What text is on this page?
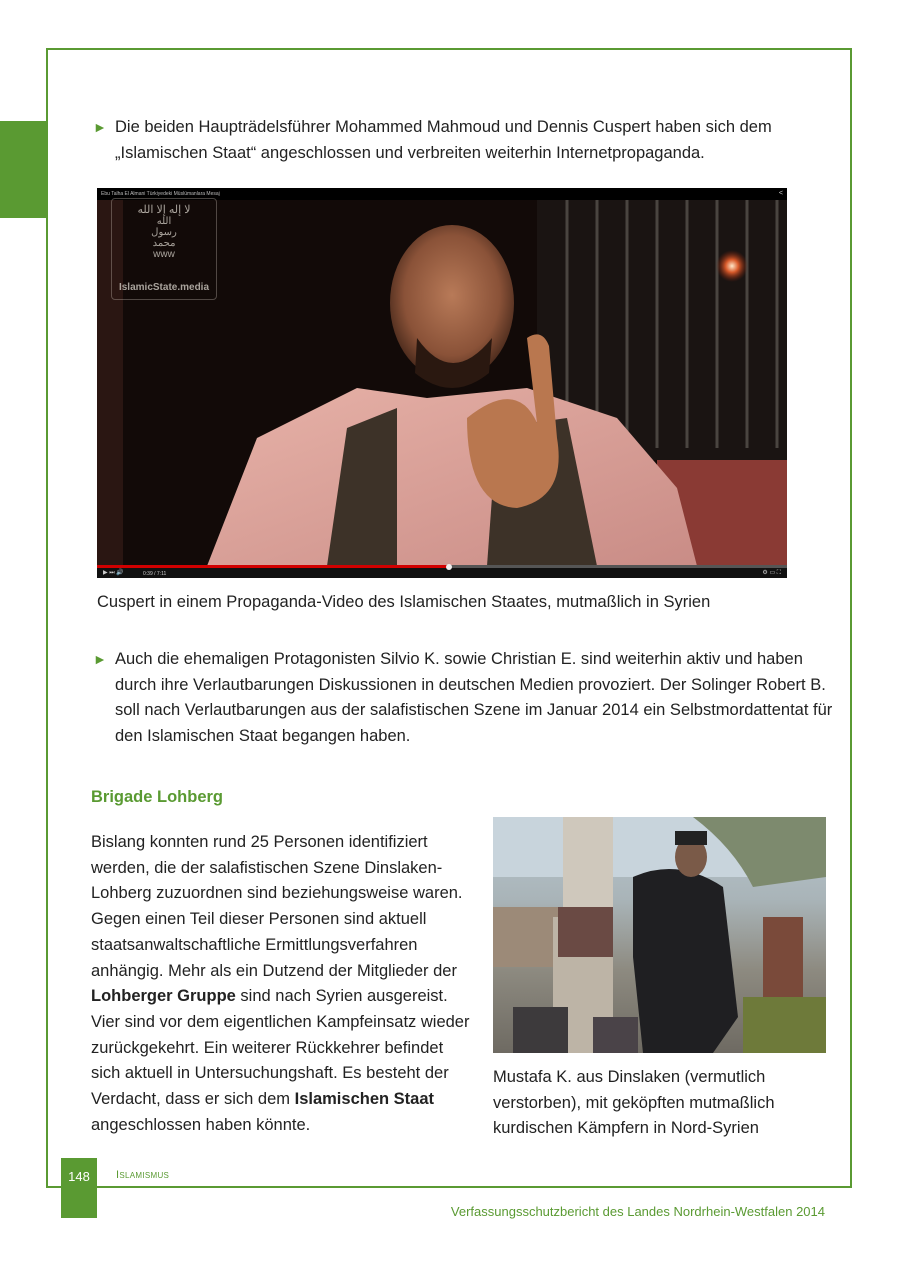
► Die beiden Haupträdelsführer Mohammed Mahmoud und Dennis Cuspert haben sich dem „Islamischen Staat“ angeschlossen und verbreiten weiterhin Internetpropaganda.
Ebu Talha El Almani Türkiyedeki Müslümanlara Mesaj	<
لا إله إلا الله
الله
رسول
محمد
www
IslamicState.media
▶ ⏭ 🔊	0:39 / 7:11	⚙ ▭ ⛶
Cuspert in einem Propaganda-Video des Islamischen Staates, mutmaßlich in Syrien
► Auch die ehemaligen Protagonisten Silvio K. sowie Christian E. sind weiterhin aktiv und haben durch ihre Verlautbarungen Diskussionen in deutschen Medien provoziert. Der Solinger Robert B. soll nach Verlautbarungen aus der salafistischen Szene im Januar 2014 ein Selbstmordattentat für den Islamischen Staat begangen haben.
Brigade Lohberg
Bislang konnten rund 25 Personen identifiziert werden, die der salafistischen Szene Dinslaken-Lohberg zuzuordnen sind beziehungsweise waren. Gegen einen Teil dieser Personen sind aktuell staatsanwaltschaftliche Ermittlungsverfahren anhängig. Mehr als ein Dutzend der Mitglieder der Lohberger Gruppe sind nach Syrien ausgereist. Vier sind vor dem eigentlichen Kampfeinsatz wieder zurückgekehrt. Ein weiterer Rückkehrer befindet sich aktuell in Untersuchungshaft. Es besteht der Verdacht, dass er sich dem Islamischen Staat angeschlossen haben könnte.
Mustafa K. aus Dinslaken (vermutlich verstorben), mit geköpften mutmaßlich kurdischen Kämpfern in Nord-Syrien
148	Islamismus
Verfassungsschutzbericht des Landes Nordrhein-Westfalen 2014
